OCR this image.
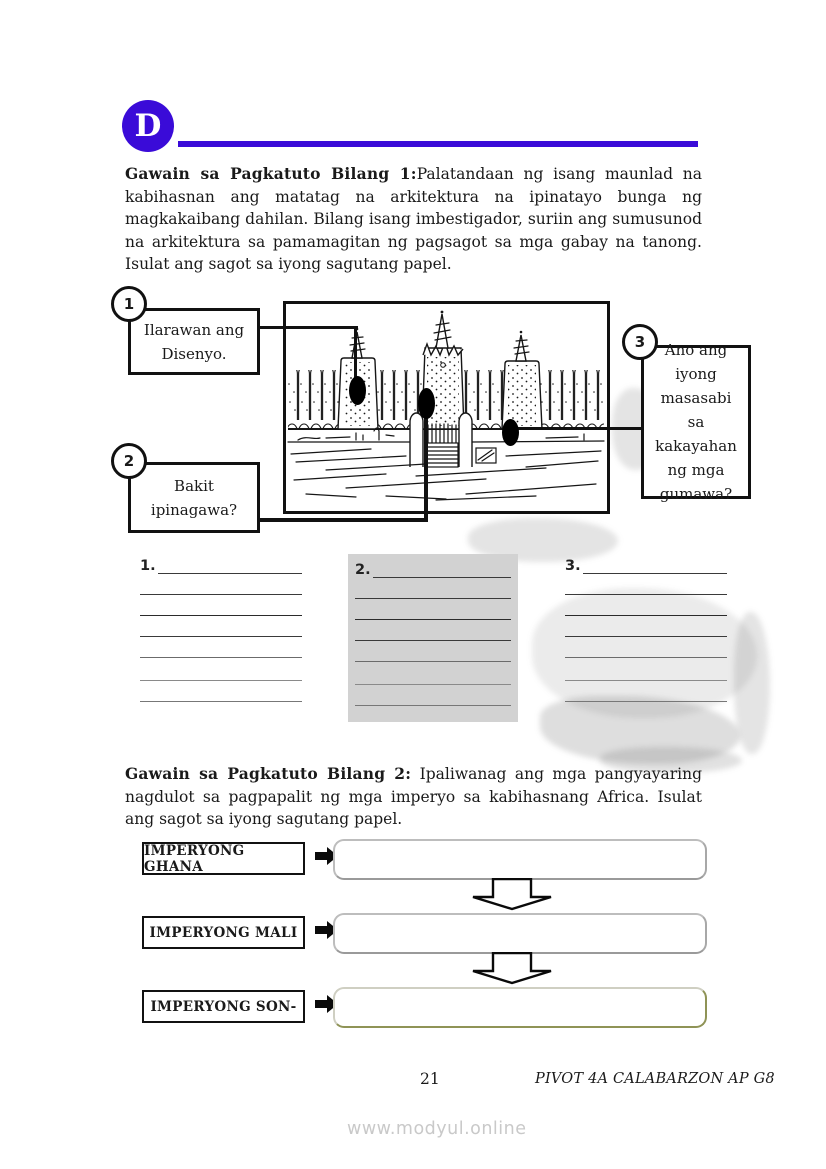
D
Gawain sa Pagkatuto Bilang 1:Palatandaan ng isang maunlad na kabihasnan ang matatag na arkitektura na ipinatayo bunga ng magkakaibang dahilan. Bilang isang imbestigador, suriin ang sumusunod na arkitektura sa pamamagitan ng pagsagot sa mga gabay na tanong. Isulat ang sagot sa iyong sagutang papel.
1
Ilarawan ang Disenyo.
2
Bakit ipinagawa?
3	Ano ang iyong masasabi sa kakayahan ng mga gumawa?
2.
1.	3.
Gawain sa Pagkatuto Bilang 2: Ipaliwanag ang mga pangyayaring nagdulot sa pagpapalit ng mga imperyo sa kabihasnang Africa. Isulat ang sagot sa iyong sagutang papel.
IMPERYONG GHANA
IMPERYONG MALI
IMPERYONG SON-
21	PIVOT 4A CALABARZON AP G8
www.modyul.online
